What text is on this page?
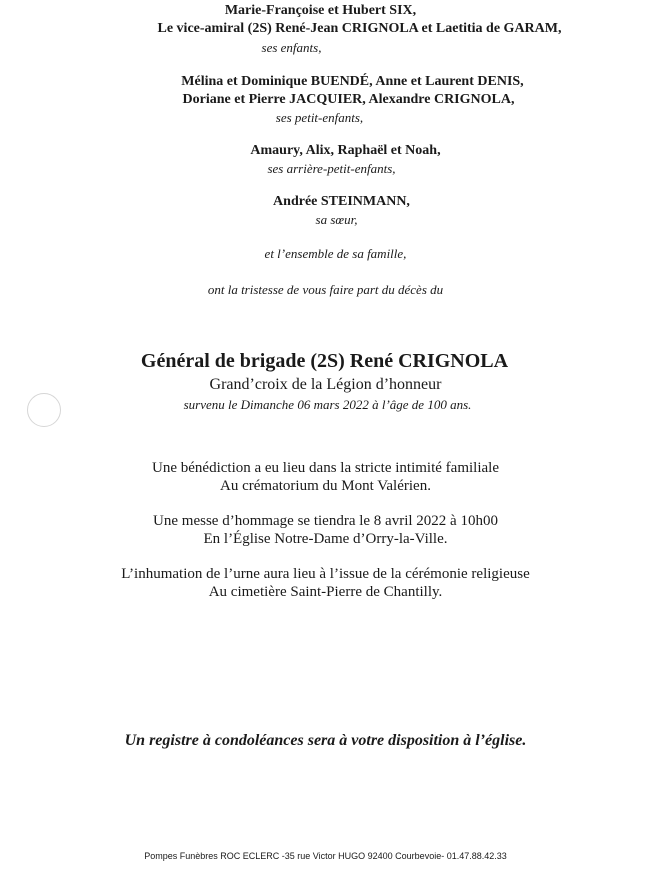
Marie-Françoise et Hubert SIX,
Le vice-amiral (2S) René-Jean CRIGNOLA et Laetitia de GARAM,
ses enfants,
Mélina et Dominique BUENDÉ, Anne et Laurent DENIS,
Doriane et Pierre JACQUIER, Alexandre CRIGNOLA,
ses petit-enfants,
Amaury, Alix, Raphaël et Noah,
ses arrière-petit-enfants,
Andrée STEINMANN,
sa sœur,
et l’ensemble de sa famille,
ont la tristesse de vous faire part du décès du
Général de brigade (2S) René CRIGNOLA
Grand’croix de la Légion d’honneur
survenu le Dimanche 06 mars 2022 à l’âge de 100 ans.
Une bénédiction a eu lieu dans la stricte intimité familiale
Au crématorium du Mont Valérien.
Une messe d’hommage se tiendra le 8 avril 2022 à 10h00
En l’Église Notre-Dame d’Orry-la-Ville.
L’inhumation de l’urne aura lieu à l’issue de la cérémonie religieuse
Au cimetière Saint-Pierre de Chantilly.
Un registre à condoléances sera à votre disposition à l’église.
Pompes Funèbres ROC ECLERC -35 rue Victor HUGO 92400 Courbevoie- 01.47.88.42.33
